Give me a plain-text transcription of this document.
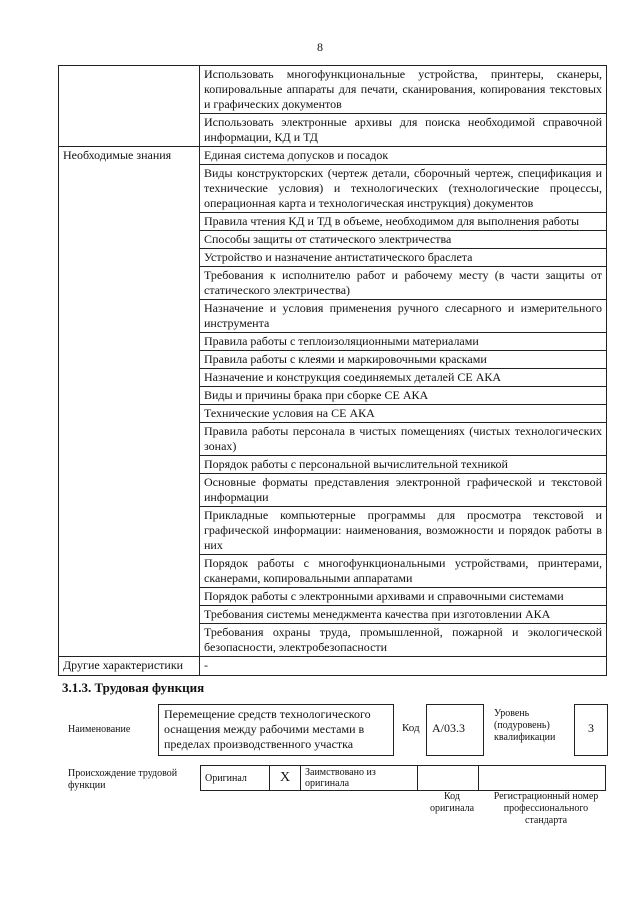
8
	Использовать многофункциональные устройства, принтеры, сканеры, копировальные аппараты для печати, сканирования, копирования текстовых и графических документов
	Использовать электронные архивы для поиска необходимой справочной информации, КД и ТД
Необходимые знания	Единая система допусков и посадок
	Виды конструкторских (чертеж детали, сборочный чертеж, спецификация и технические условия) и технологических (технологические процессы, операционная карта и технологическая инструкция) документов
	Правила чтения КД и ТД в объеме, необходимом для выполнения работы
	Способы защиты от статического электричества
	Устройство и назначение антистатического браслета
	Требования к исполнителю работ и рабочему месту (в части защиты от статического электричества)
	Назначение и условия применения ручного слесарного и измерительного инструмента
	Правила работы с теплоизоляционными материалами
	Правила работы с клеями и маркировочными красками
	Назначение и конструкция соединяемых деталей СЕ АКА
	Виды и причины брака при сборке СЕ АКА
	Технические условия на СЕ АКА
	Правила работы персонала в чистых помещениях (чистых технологических зонах)
	Порядок работы с персональной вычислительной техникой
	Основные форматы представления электронной графической и текстовой информации
	Прикладные компьютерные программы для просмотра текстовой и графической информации: наименования, возможности и порядок работы в них
	Порядок работы с многофункциональными устройствами, принтерами, сканерами, копировальными аппаратами
	Порядок работы с электронными архивами и справочными системами
	Требования системы менеджмента качества при изготовлении АКА
	Требования охраны труда, промышленной, пожарной и экологической безопасности, электробезопасности
Другие характеристики	-
3.1.3. Трудовая функция
Наименование
Перемещение средств технологического оснащения между рабочими местами в пределах производственного участка
Код	А/03.3
Уровень (подуровень) квалификации
3
Происхождение трудовой функции
Оригинал	Х	Заимствовано из оригинала		
Код оригинала
Регистрационный номер профессионального стандарта
